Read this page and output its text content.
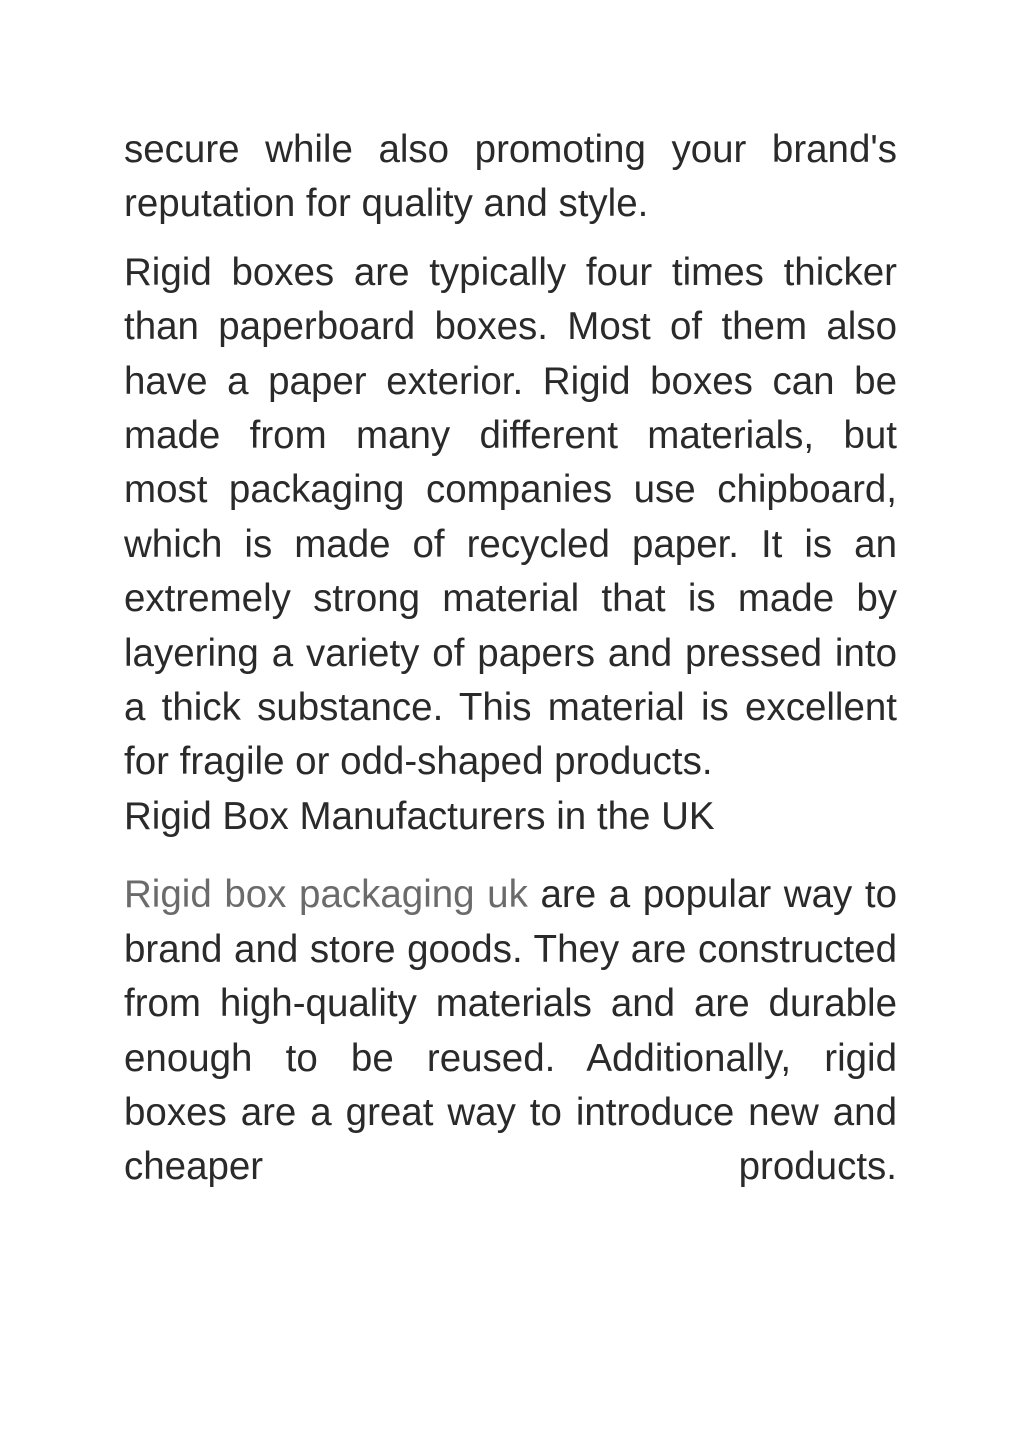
secure while also promoting your brand's reputation for quality and style.

Rigid boxes are typically four times thicker than paperboard boxes. Most of them also have a paper exterior. Rigid boxes can be made from many different materials, but most packaging companies use chipboard, which is made of recycled paper. It is an extremely strong material that is made by layering a variety of papers and pressed into a thick substance. This material is excellent for fragile or odd-shaped products.

Rigid Box Manufacturers in the UK

Rigid box packaging uk are a popular way to brand and store goods. They are constructed from high-quality materials and are durable enough to be reused. Additionally, rigid boxes are a great way to introduce new and cheaper products.
